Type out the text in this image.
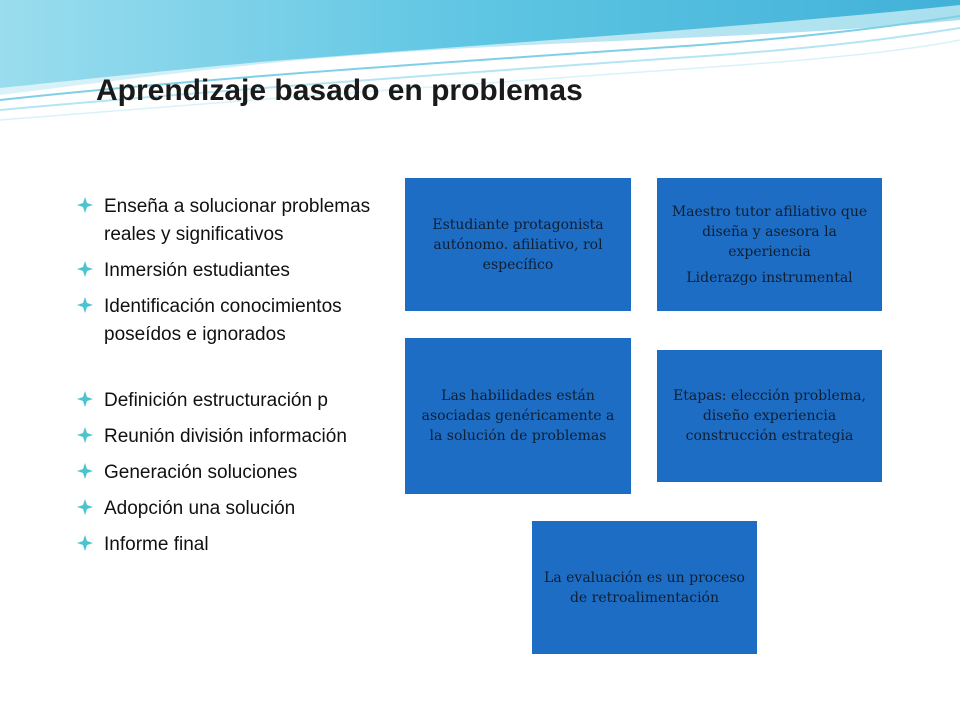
Aprendizaje basado en problemas
Enseña a solucionar problemas reales y significativos
Inmersión estudiantes
Identificación conocimientos poseídos e ignorados
Definición estructuración p
Reunión división información
Generación soluciones
Adopción una solución
Informe final

Estudiante protagonista autónomo. afiliativo, rol específico

Maestro tutor afiliativo que diseña y asesora la experiencia

Liderazgo instrumental

Las habilidades están asociadas genéricamente a la solución de problemas

Etapas: elección problema, diseño experiencia construcción estrategia

La evaluación es un proceso de retroalimentación
